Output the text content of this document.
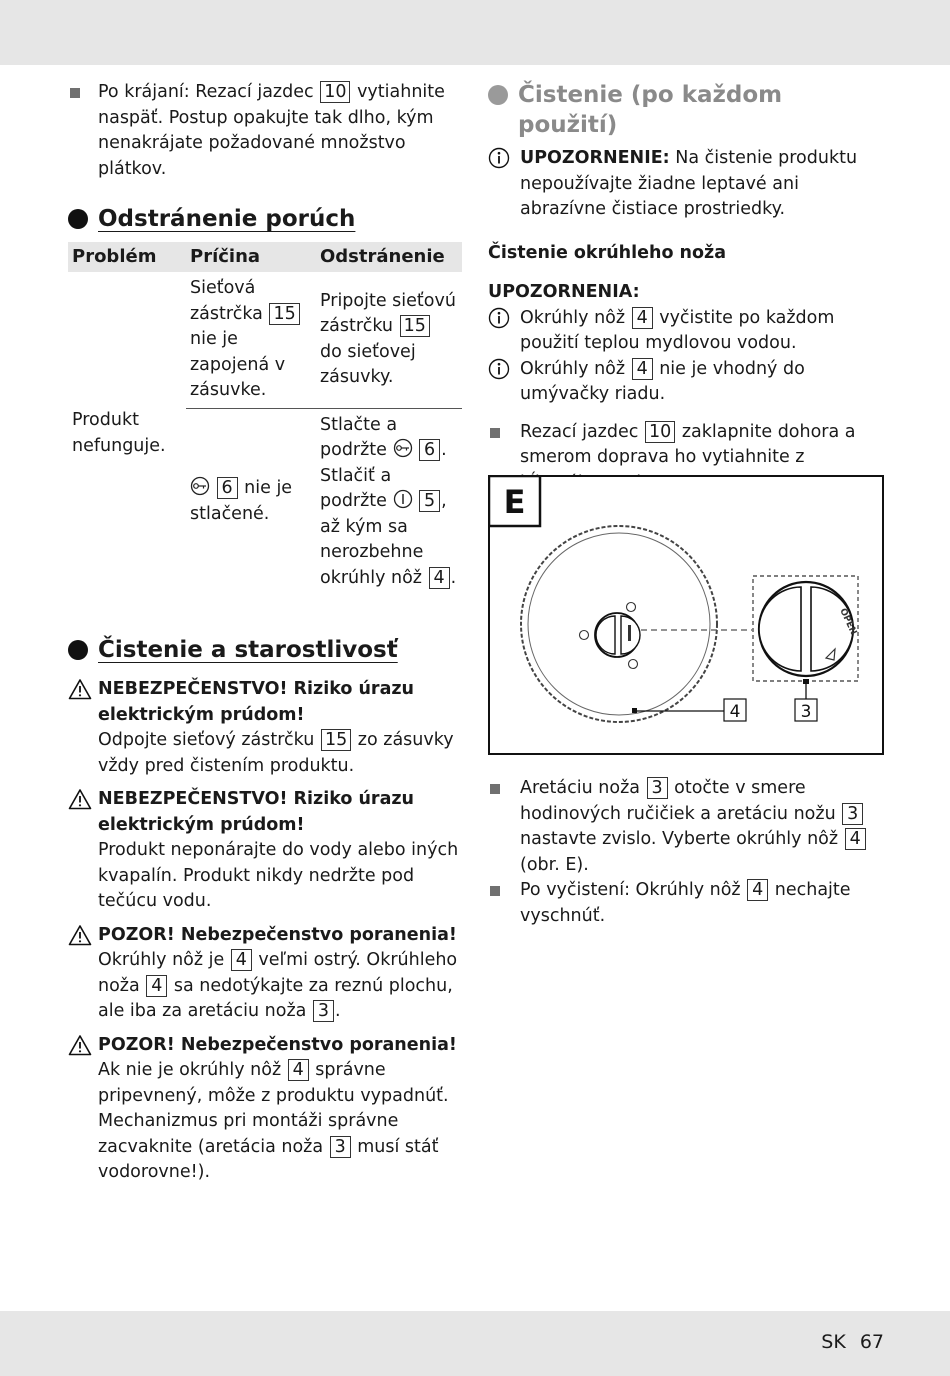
Po krájaní: Rezací jazdec 10 vytiahnite naspäť. Postup opakujte tak dlho, kým nenakrájate požadované množstvo plátkov.
Odstránenie porúch
Problém	Príčina	Odstránenie
Produkt nefunguje.	Sieťová zástrčka 15 nie je zapojená v zásuvke.	Pripojte sieťovú zástrčku 15 do sieťovej zásuvky.
	6 nie je stlačené.	Stlačte a podržte 6 . Stlačiť a podržte 5 , až kým sa nerozbehne okrúhly nôž 4 .
Čistenie a starostlivosť
NEBEZPEČENSTVO! Riziko úrazu elektrickým prúdom!
Odpojte sieťový zástrčku 15 zo zásuvky vždy pred čistením produktu.
NEBEZPEČENSTVO! Riziko úrazu elektrickým prúdom!
Produkt neponárajte do vody alebo iných kvapalín. Produkt nikdy nedržte pod tečúcu vodu.
POZOR! Nebezpečenstvo poranenia!
Okrúhly nôž je 4 veľmi ostrý. Okrúhleho noža 4 sa nedotýkajte za reznú plochu, ale iba za aretáciu noža 3 .
POZOR! Nebezpečenstvo poranenia!
Ak nie je okrúhly nôž 4 správne pripevnený, môže z produktu vypadnúť. Mechanizmus pri montáži správne zacvaknite (aretácia noža 3 musí stáť vodorovne!).
Čistenie (po každom použití)
UPOZORNENIE: Na čistenie produktu nepoužívajte žiadne leptavé ani abrazívne čistiace prostriedky.
Čistenie okrúhleho noža
UPOZORNENIA:
Okrúhly nôž 4 vyčistite po každom použití teplou mydlovou vodou.
Okrúhly nôž 4 nie je vhodný do umývačky riadu.
Rezací jazdec 10 zaklapnite dohora a smerom doprava ho vytiahnite z
E
OPEN
4	3
Aretáciu noža 3 otočte v smere hodinových ručičiek a aretáciu nožu 3 nastavte zvislo. Vyberte okrúhly nôž 4 (obr. E).
Po vyčistení: Okrúhly nôž 4 nechajte vyschnúť.
SK 67
